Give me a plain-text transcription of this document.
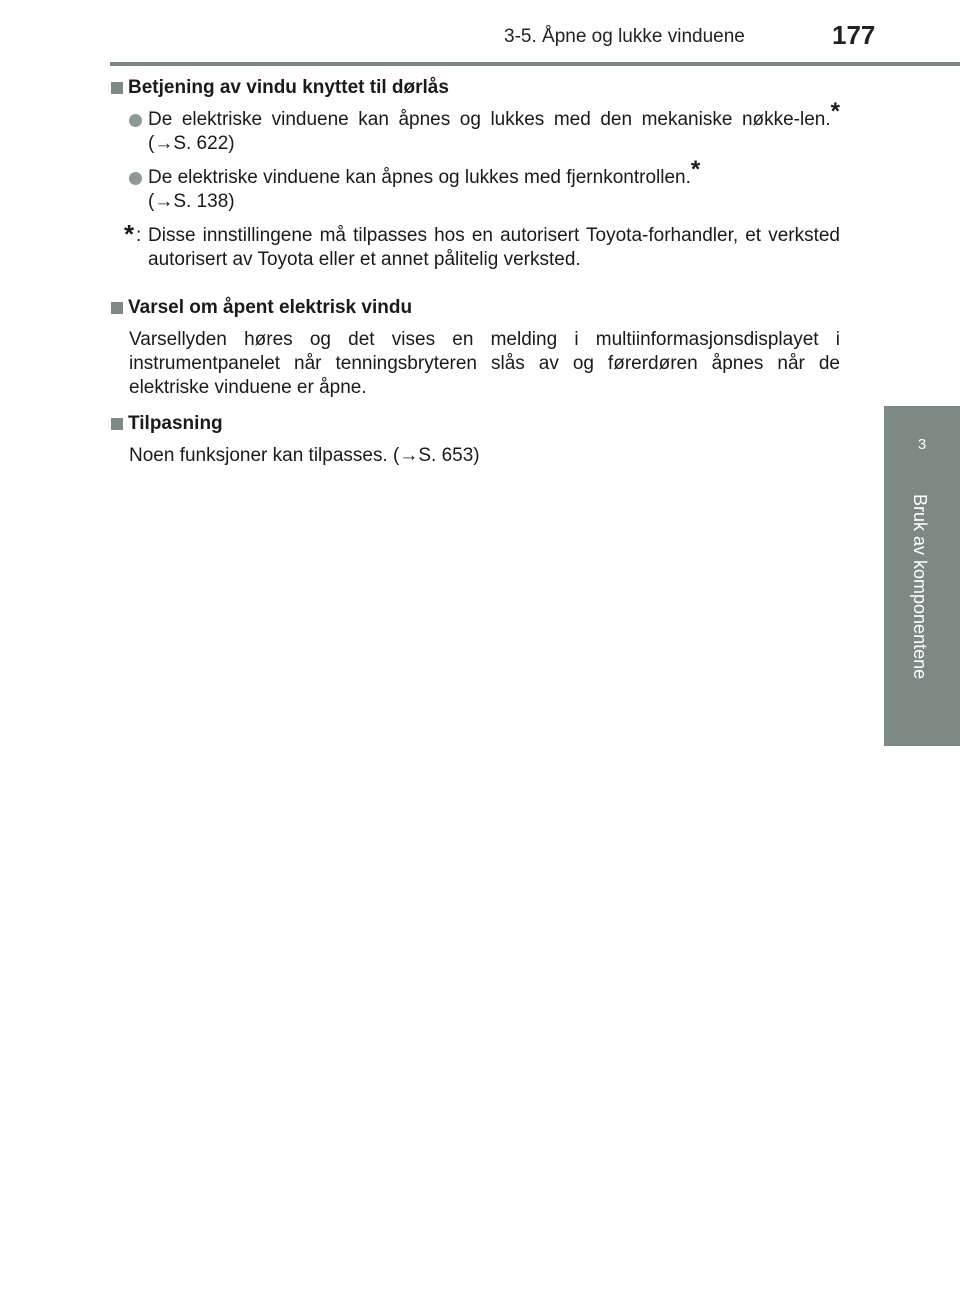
3-5. Åpne og lukke vinduene	177
3
Bruk av komponentene
Betjening av vindu knyttet til dørlås
De elektriske vinduene kan åpnes og lukkes med den mekaniske nøkke-len.* (→S. 622)
De elektriske vinduene kan åpnes og lukkes med fjernkontrollen.*
(→S. 138)
* : Disse innstillingene må tilpasses hos en autorisert Toyota-forhandler, et verksted autorisert av Toyota eller et annet pålitelig verksted.
Varsel om åpent elektrisk vindu

Varsellyden høres og det vises en melding i multiinformasjonsdisplayet i instrumentpanelet når tenningsbryteren slås av og førerdøren åpnes når de elektriske vinduene er åpne.

Tilpasning

Noen funksjoner kan tilpasses. (→S. 653)
